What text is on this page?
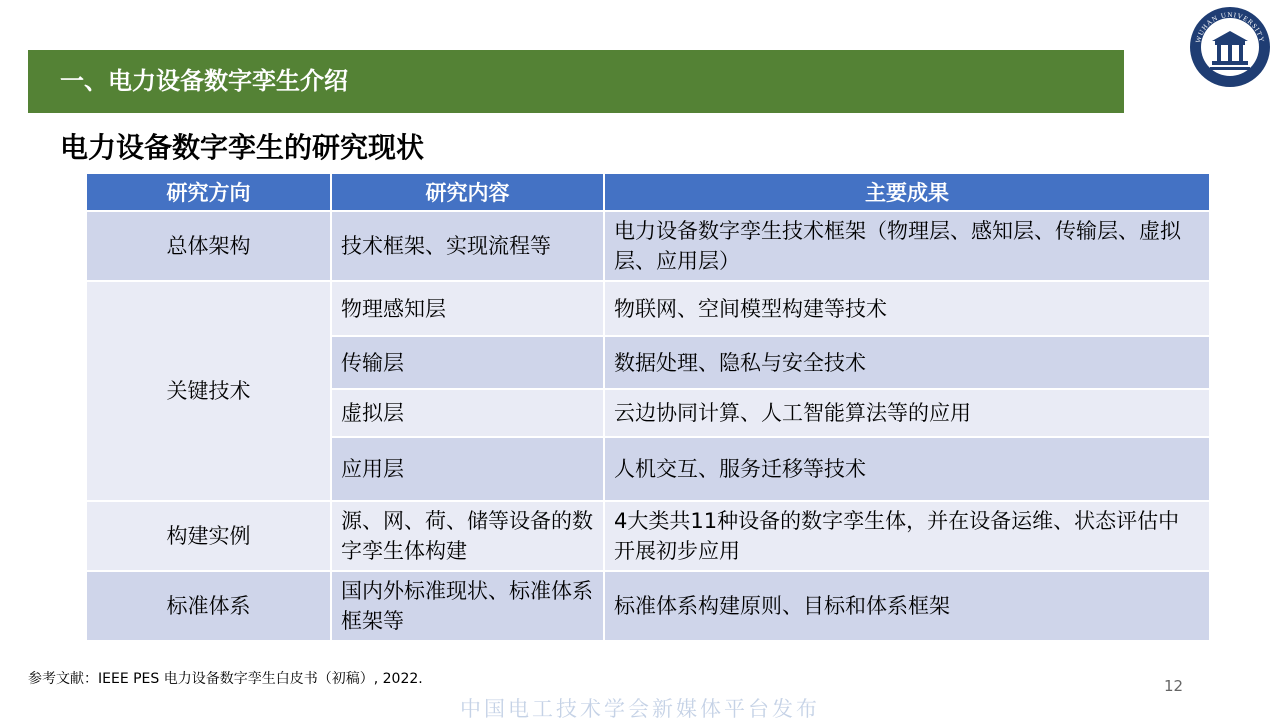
一、电力设备数字孪生介绍
WUHAN UNIVERSITY
电力设备数字孪生的研究现状
研究方向	研究内容	主要成果
总体架构	技术框架、实现流程等	电力设备数字孪生技术框架（物理层、感知层、传输层、虚拟层、应用层）
关键技术	物理感知层	物联网、空间模型构建等技术
	传输层	数据处理、隐私与安全技术
	虚拟层	云边协同计算、人工智能算法等的应用
	应用层	人机交互、服务迁移等技术
构建实例	源、网、荷、储等设备的数字孪生体构建	4大类共11种设备的数字孪生体，并在设备运维、状态评估中开展初步应用
标准体系	国内外标准现状、标准体系框架等	标准体系构建原则、目标和体系框架
参考文献：IEEE PES 电力设备数字孪生白皮书（初稿）, 2022.	12
中国电工技术学会新媒体平台发布
